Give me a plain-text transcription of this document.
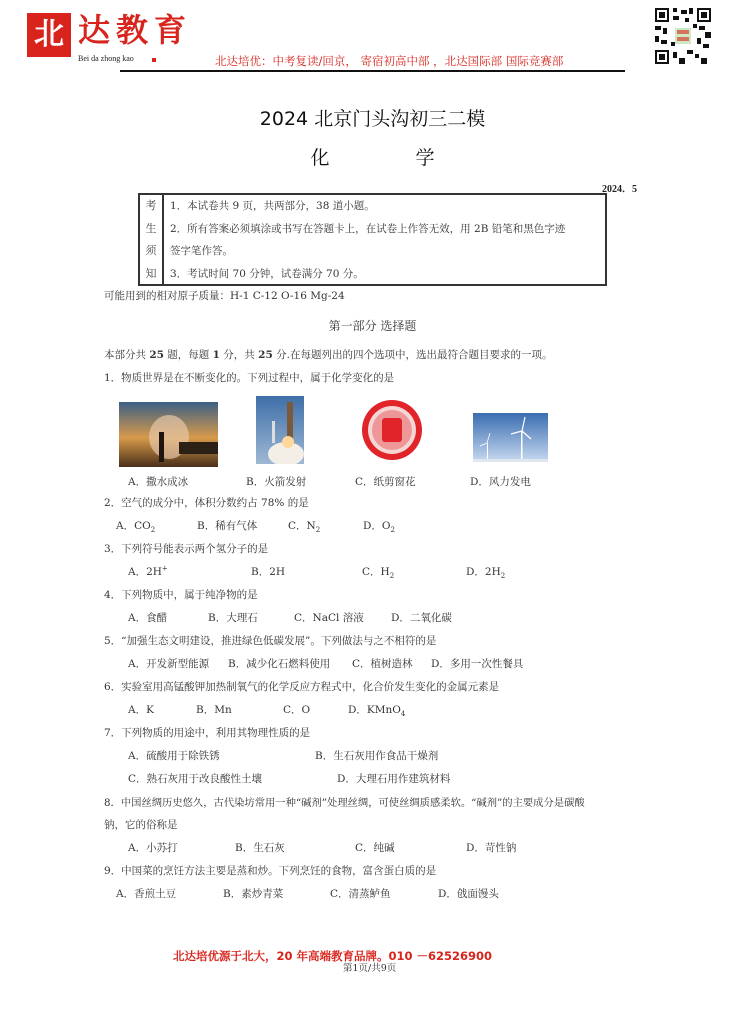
北 达教育
Bei da zhong kao	北达培优：中考复读/回京， 寄宿初高中部 ，北达国际部 国际竞赛部
2024 北京门头沟初三二模
化 学
2024．5
考
生
须
知
1．本试卷共 9 页，共两部分，38 道小题。
2．所有答案必须填涂或书写在答题卡上，在试卷上作答无效，用 2B 铅笔和黑色字迹
签字笔作答。
3．考试时间 70 分钟，试卷满分 70 分。
可能用到的相对原子质量：H-1 C-12 O-16 Mg-24
第一部分 选择题
本部分共 25 题，每题 1 分，共 25 分.在每题列出的四个选项中，选出最符合题目要求的一项。
1．物质世界是在不断变化的。下列过程中，属于化学变化的是
A．撒水成冰	B．火箭发射	C．纸剪窗花	D．风力发电
2．空气的成分中，体积分数约占 78% 的是
A．$CO_2$	B．稀有气体	C．$N_2$	D．$O_2$
3．下列符号能表示两个氢分子的是
A．2H+	B．2H	C．$H_2$	D．$2H_2$
4．下列物质中，属于纯净物的是
A．食醋	B．大理石	C．NaCl 溶液	D．二氧化碳
5．“加强生态文明建设，推进绿色低碳发展”。下列做法与之不相符的是
A．开发新型能源 B．减少化石燃料使用 C．植树造林 D．多用一次性餐具
6．实验室用高锰酸钾加热制氧气的化学反应方程式中，化合价发生变化的金属元素是
A．K	B．Mn	C．O	D．KMnO$_4$
7．下列物质的用途中，利用其物理性质的是
A．硫酸用于除铁锈	B．生石灰用作食品干燥剂
C．熟石灰用于改良酸性土壤	D．大理石用作建筑材料
8．中国丝绸历史悠久，古代染坊常用一种“碱剂”处理丝绸，可使丝绸质感柔软。“碱剂”的主要成分是碳酸
钠，它的俗称是
A．小苏打	B．生石灰	C．纯碱	D．苛性钠
9．中国菜的烹饪方法主要是蒸和炒。下列烹饪的食物，富含蛋白质的是
A．香煎土豆	B．素炒青菜	C．清蒸鲈鱼	D．戗面馒头
北达培优源于北大，20 年高端教育品牌。010 －62526900
第1页/共9页
